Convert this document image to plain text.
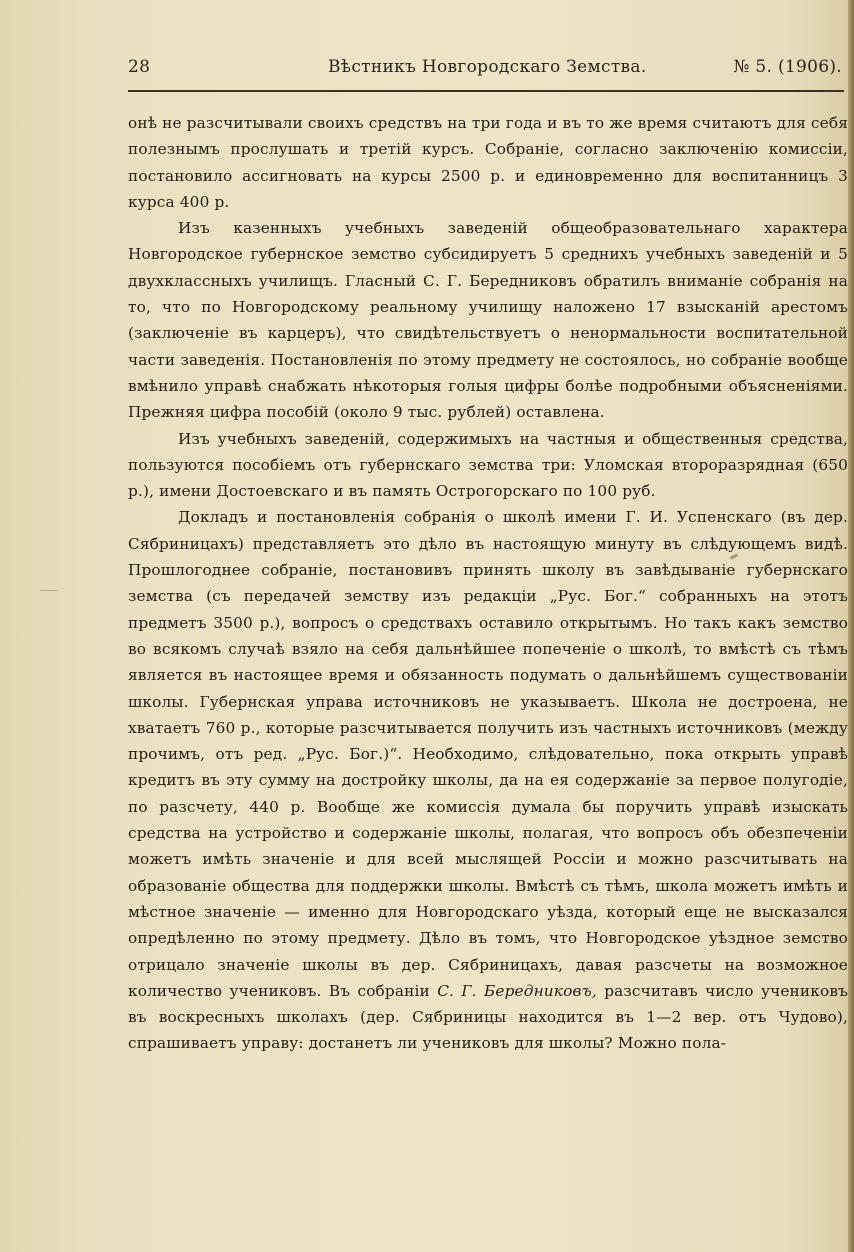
28	Вѣстникъ Новгородскаго Земства.	№ 5. (1906).

онѣ не разсчитывали своихъ средствъ на три года и въ то же время считаютъ для себя полезнымъ прослушать и третій курсъ. Собраніе, согласно заключенію комиссіи, постановило ассигновать на курсы 2500 р. и единовременно для воспитанницъ 3 курса 400 р.

Изъ казенныхъ учебныхъ заведеній общеобразовательнаго характера Новгородское губернское земство субсидируетъ 5 среднихъ учебныхъ заведеній и 5 двухклассныхъ училищъ. Гласный С. Г. Бередниковъ обратилъ вниманіе собранія на то, что по Новгородскому реальному училищу наложено 17 взысканій арестомъ (заключеніе въ карцеръ), что свидѣтельствуетъ о ненормальности воспитательной части заведенія. Постановленія по этому предмету не состоялось, но собраніе вообще вмѣнило управѣ снабжать нѣкоторыя голыя цифры болѣе подробными объясненіями. Прежняя цифра пособій (около 9 тыс. рублей) оставлена.

Изъ учебныхъ заведеній, содержимыхъ на частныя и общественныя средства, пользуются пособіемъ отъ губернскаго земства три: Уломская второразрядная (650 р.), имени Достоевскаго и въ память Острогорскаго по 100 руб.

Докладъ и постановленія собранія о школѣ имени Г. И. Успенскаго (въ дер. Сябриницахъ) представляетъ это дѣло въ настоящую минуту въ слѣдующемъ видѣ. Прошлогоднее собраніе, постановивъ принять школу въ завѣдываніе губернскаго земства (съ передачей земству изъ редакціи „Рус. Бог.“ собранныхъ на этотъ предметъ 3500 р.), вопросъ о средствахъ оставило открытымъ. Но такъ какъ земство во всякомъ случаѣ взяло на себя дальнѣйшее попеченіе о школѣ, то вмѣстѣ съ тѣмъ является въ настоящее время и обязанность подумать о дальнѣйшемъ существованіи школы. Губернская управа источниковъ не указываетъ. Школа не достроена, не хватаетъ 760 р., которые разсчитывается получить изъ частныхъ источниковъ (между прочимъ, отъ ред. „Рус. Бог.)“. Необходимо, слѣдовательно, пока открыть управѣ кредитъ въ эту сумму на достройку школы, да на ея содержаніе за первое полугодіе, по разсчету, 440 р. Вообще же комиссія думала бы поручить управѣ изыскать средства на устройство и содержаніе школы, полагая, что вопросъ объ обезпеченіи можетъ имѣть значеніе и для всей мыслящей Россіи и можно разсчитывать на образованіе общества для поддержки школы. Вмѣстѣ съ тѣмъ, школа можетъ имѣть и мѣстное значеніе — именно для Новгородскаго уѣзда, который еще не высказался опредѣленно по этому предмету. Дѣло въ томъ, что Новгородское уѣздное земство отрицало значеніе школы въ дер. Сябриницахъ, давая разсчеты на возможное количество учениковъ. Въ собраніи С. Г. Бередниковъ, разсчитавъ число учениковъ въ воскресныхъ школахъ (дер. Сябриницы находится въ 1—2 вер. отъ Чудово), спрашиваетъ управу: достанетъ ли учениковъ для школы? Можно пола-
